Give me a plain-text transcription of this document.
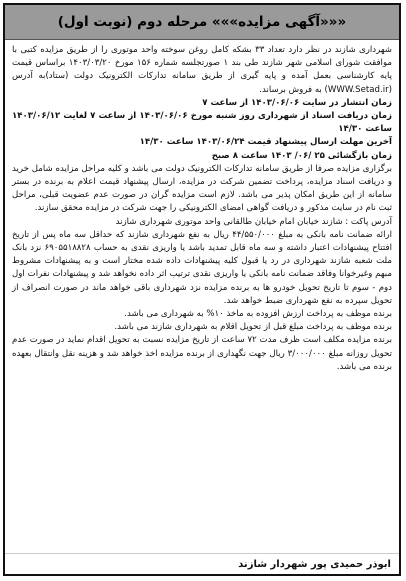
«««آگهی مزایده»»» مرحله دوم (نوبت اول)

شهرداری شازند در نظر دارد تعداد ۳۳ بشکه کامل روغن سوخته واحد موتوری را از طریق مزایده کتبی با موافقت شورای اسلامی شهر شازند طی بند ۱ صورتجلسه شماره ۱۵۶ مورخ ۱۴۰۳/۰۳/۲۰ براساس قیمت پایه کارشناسی بعمل آمده و پایه گیری از طریق سامانه تدارکات الکترونیک دولت (ستاد)به آدرس (WWW.Setad.ir) به فروش برساند.

زمان انتشار در سایت ۱۴۰۳/۰۶/۰۶ از ساعت ۷

زمان دریافت اسناد از شهرداری روز شنبه مورخ ۱۴۰۳/۰۶/۰۶ از ساعت ۷ لغایت ۱۴۰۳/۰۶/۱۲ ساعت ۱۴/۳۰

آخرین مهلت ارسال پیشنهاد قیمت ۱۴۰۳/۰۶/۲۴ ساعت ۱۴/۳۰

زمان بازگشائی ۲۵ /۰۶/ ۱۴۰۳ ساعت ۸ صبح

برگزاری مزایده صرفا از طریق سامانه تدارکات الکترونیک دولت می باشد و کلیه مراحل مزایده شامل خرید و دریافت اسناد مزایده، پرداخت تضمین شرکت در مزایده، ارسال پیشنهاد قیمت اعلام به برنده در بستر سامانه از این طریق امکان پذیر می باشد. لازم است مزایده گران در صورت عدم عضویت قبلی، مراحل ثبت نام در سایت مذکور و دریافت گواهی امضای الکترونیکی را جهت شرکت در مزایده محقق سازند.

آدرس پاکت : شازند خیابان امام خیابان طالقانی واحد موتوری شهرداری شازند

ارائه ضمانت نامه بانکی به مبلغ ۴۴/۵۵۰/۰۰۰ ریال به نفع شهرداری شازند که حداقل سه ماه پس از تاریخ افتتاح پیشنهادات اعتبار داشته و سه ماه قابل تمدید باشد یا واریزی نقدی به حساب ۶۹۰۵۵۱۸۸۲۸ نزد بانک ملت شعبه شازند شهرداری در رد یا قبول کلیه پیشنهادات داده شده مختار است و به پیشنهادات مشروط مبهم وغیرخوانا وفاقد ضمانت نامه بانکی یا واریزی نقدی ترتیب اثر داده نخواهد شد و پیشنهادات نفرات اول دوم - سوم تا تاریخ تحویل خودرو ها به برنده مزایده نزد شهرداری باقی خواهد ماند در صورت انصراف از تحویل سپرده به نفع شهرداری ضبط خواهد شد.

برنده موظف به پرداخت ارزش افزوده به ماخذ ۱۰% به شهرداری می باشد.

برنده موظف به پرداخت مبلغ قبل از تحویل اقلام به شهرداری شازند می باشد.

برنده مزایده مکلف است ظرف مدت ۷۲ ساعت از تاریخ مزایده نسبت به تحویل اقدام نماید در صورت عدم تحویل روزانه مبلغ ۳/۰۰۰/۰۰۰ ریال جهت نگهداری از برنده مزایده اخذ خواهد شد و هزینه نقل وانتقال بعهده برنده می باشد.

ابوذر حمیدی پور شهردار شازند
